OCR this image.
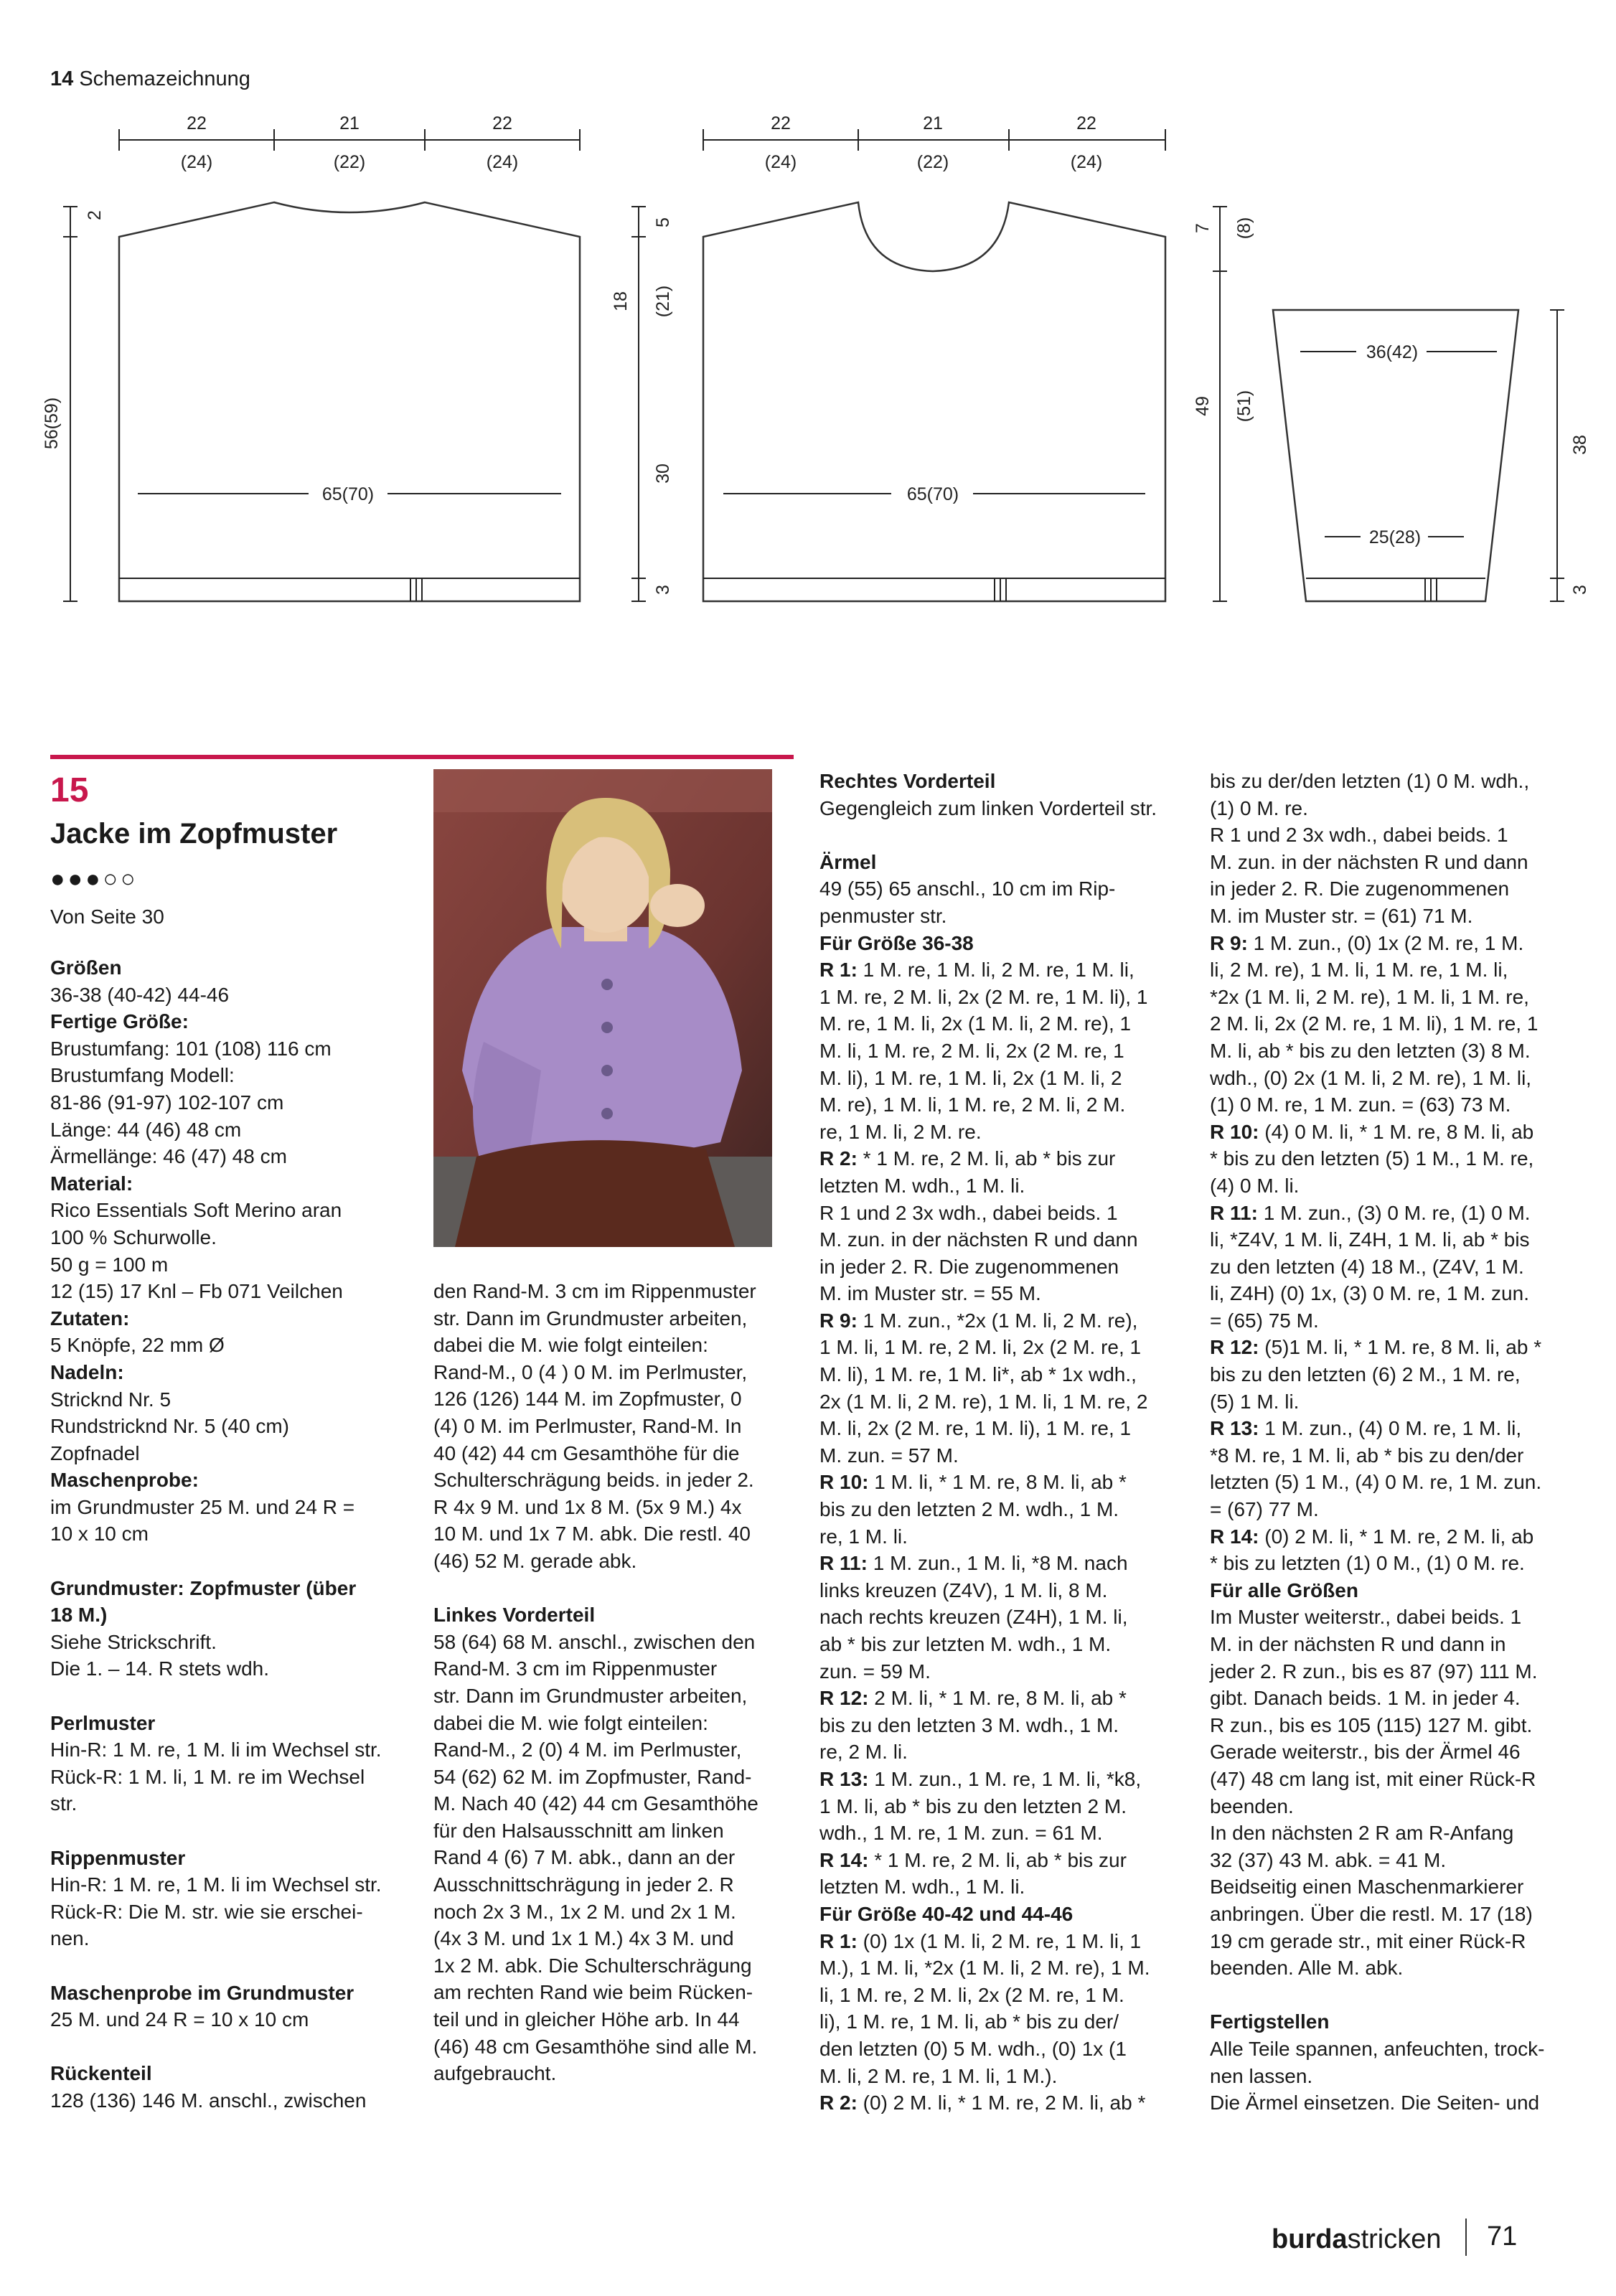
14 Schemazeichnung
22	21	22
(24)	(22)	(24)
65(70)
2
56(59)
18 (21)
5
30
3
22	21	22
(24)	(22)	(24)
65(70)
7 (8)
49 (51)
36(42)
25(28)
38
3
15
Jacke im Zopfmuster
●●●○○
Von Seite 30

Größen

36-38 (40-42) 44-46

Fertige Größe:

Brustumfang: 101 (108) 116 cm

Brustumfang Modell:

81-86 (91-97) 102-107 cm

Länge: 44 (46) 48 cm

Ärmellänge: 46 (47) 48 cm

Material:

Rico Essentials Soft Merino aran

100 % Schurwolle.

50 g = 100 m

12 (15) 17 Knl – Fb 071 Veilchen

Zutaten:

5 Knöpfe, 22 mm Ø

Nadeln:

Stricknd Nr. 5

Rundstricknd Nr. 5 (40 cm)

Zopfnadel

Maschenprobe:

im Grundmuster 25 M. und 24 R =

10 x 10 cm

Grundmuster: Zopfmuster (über

18 M.)

Siehe Strickschrift.

Die 1. – 14. R stets wdh.

Perlmuster

Hin-R: 1 M. re, 1 M. li im Wechsel str.

Rück-R: 1 M. li, 1 M. re im Wechsel

str.

Rippenmuster

Hin-R: 1 M. re, 1 M. li im Wechsel str.

Rück-R: Die M. str. wie sie erschei-

nen.

Maschenprobe im Grundmuster

25 M. und 24 R = 10 x 10 cm

Rückenteil

128 (136) 146 M. anschl., zwischen

den Rand-M. 3 cm im Rippenmuster

str. Dann im Grundmuster arbeiten,

dabei die M. wie folgt einteilen:

Rand-M., 0 (4 ) 0 M. im Perlmuster,

126 (126) 144 M. im Zopfmuster, 0

(4) 0 M. im Perlmuster, Rand-M. In

40 (42) 44 cm Gesamthöhe für die

Schulterschrägung beids. in jeder 2.

R 4x 9 M. und 1x 8 M. (5x 9 M.) 4x

10 M. und 1x 7 M. abk. Die restl. 40

(46) 52 M. gerade abk.

Linkes Vorderteil

58 (64) 68 M. anschl., zwischen den

Rand-M. 3 cm im Rippenmuster

str. Dann im Grundmuster arbeiten,

dabei die M. wie folgt einteilen:

Rand-M., 2 (0) 4 M. im Perlmuster,

54 (62) 62 M. im Zopfmuster, Rand-

M. Nach 40 (42) 44 cm Gesamthöhe

für den Halsausschnitt am linken

Rand 4 (6) 7 M. abk., dann an der

Ausschnittschrägung in jeder 2. R

noch 2x 3 M., 1x 2 M. und 2x 1 M.

(4x 3 M. und 1x 1 M.) 4x 3 M. und

1x 2 M. abk. Die Schulterschrägung

am rechten Rand wie beim Rücken-

teil und in gleicher Höhe arb. In 44

(46) 48 cm Gesamthöhe sind alle M.

aufgebraucht.

Rechtes Vorderteil

Gegengleich zum linken Vorderteil str.

Ärmel

49 (55) 65 anschl., 10 cm im Rip-

penmuster str.

Für Größe 36-38

R 1: 1 M. re, 1 M. li, 2 M. re, 1 M. li,

1 M. re, 2 M. li, 2x (2 M. re, 1 M. li), 1

M. re, 1 M. li, 2x (1 M. li, 2 M. re), 1

M. li, 1 M. re, 2 M. li, 2x (2 M. re, 1

M. li), 1 M. re, 1 M. li, 2x (1 M. li, 2

M. re), 1 M. li, 1 M. re, 2 M. li, 2 M.

re, 1 M. li, 2 M. re.

R 2: * 1 M. re, 2 M. li, ab * bis zur

letzten M. wdh., 1 M. li.

R 1 und 2 3x wdh., dabei beids. 1

M. zun. in der nächsten R und dann

in jeder 2. R. Die zugenommenen

M. im Muster str. = 55 M.

R 9: 1 M. zun., *2x (1 M. li, 2 M. re),

1 M. li, 1 M. re, 2 M. li, 2x (2 M. re, 1

M. li), 1 M. re, 1 M. li*, ab * 1x wdh.,

2x (1 M. li, 2 M. re), 1 M. li, 1 M. re, 2

M. li, 2x (2 M. re, 1 M. li), 1 M. re, 1

M. zun. = 57 M.

R 10: 1 M. li, * 1 M. re, 8 M. li, ab *

bis zu den letzten 2 M. wdh., 1 M.

re, 1 M. li.

R 11: 1 M. zun., 1 M. li, *8 M. nach

links kreuzen (Z4V), 1 M. li, 8 M.

nach rechts kreuzen (Z4H), 1 M. li,

ab * bis zur letzten M. wdh., 1 M.

zun. = 59 M.

R 12: 2 M. li, * 1 M. re, 8 M. li, ab *

bis zu den letzten 3 M. wdh., 1 M.

re, 2 M. li.

R 13: 1 M. zun., 1 M. re, 1 M. li, *k8,

1 M. li, ab * bis zu den letzten 2 M.

wdh., 1 M. re, 1 M. zun. = 61 M.

R 14: * 1 M. re, 2 M. li, ab * bis zur

letzten M. wdh., 1 M. li.

Für Größe 40-42 und 44-46

R 1: (0) 1x (1 M. li, 2 M. re, 1 M. li, 1

M.), 1 M. li, *2x (1 M. li, 2 M. re), 1 M.

li, 1 M. re, 2 M. li, 2x (2 M. re, 1 M.

li), 1 M. re, 1 M. li, ab * bis zu der/

den letzten (0) 5 M. wdh., (0) 1x (1

M. li, 2 M. re, 1 M. li, 1 M.).

R 2: (0) 2 M. li, * 1 M. re, 2 M. li, ab *

bis zu der/den letzten (1) 0 M. wdh.,

(1) 0 M. re.

R 1 und 2 3x wdh., dabei beids. 1

M. zun. in der nächsten R und dann

in jeder 2. R. Die zugenommenen

M. im Muster str. = (61) 71 M.

R 9: 1 M. zun., (0) 1x (2 M. re, 1 M.

li, 2 M. re), 1 M. li, 1 M. re, 1 M. li,

*2x (1 M. li, 2 M. re), 1 M. li, 1 M. re,

2 M. li, 2x (2 M. re, 1 M. li), 1 M. re, 1

M. li, ab * bis zu den letzten (3) 8 M.

wdh., (0) 2x (1 M. li, 2 M. re), 1 M. li,

(1) 0 M. re, 1 M. zun. = (63) 73 M.

R 10: (4) 0 M. li, * 1 M. re, 8 M. li, ab

* bis zu den letzten (5) 1 M., 1 M. re,

(4) 0 M. li.

R 11: 1 M. zun., (3) 0 M. re, (1) 0 M.

li, *Z4V, 1 M. li, Z4H, 1 M. li, ab * bis

zu den letzten (4) 18 M., (Z4V, 1 M.

li, Z4H) (0) 1x, (3) 0 M. re, 1 M. zun.

= (65) 75 M.

R 12: (5)1 M. li, * 1 M. re, 8 M. li, ab *

bis zu den letzten (6) 2 M., 1 M. re,

(5) 1 M. li.

R 13: 1 M. zun., (4) 0 M. re, 1 M. li,

*8 M. re, 1 M. li, ab * bis zu den/der

letzten (5) 1 M., (4) 0 M. re, 1 M. zun.

= (67) 77 M.

R 14: (0) 2 M. li, * 1 M. re, 2 M. li, ab

* bis zu letzten (1) 0 M., (1) 0 M. re.

Für alle Größen

Im Muster weiterstr., dabei beids. 1

M. in der nächsten R und dann in

jeder 2. R zun., bis es 87 (97) 111 M.

gibt. Danach beids. 1 M. in jeder 4.

R zun., bis es 105 (115) 127 M. gibt.

Gerade weiterstr., bis der Ärmel 46

(47) 48 cm lang ist, mit einer Rück-R

beenden.

In den nächsten 2 R am R-Anfang

32 (37) 43 M. abk. = 41 M.

Beidseitig einen Maschenmarkierer

anbringen. Über die restl. M. 17 (18)

19 cm gerade str., mit einer Rück-R

beenden. Alle M. abk.

Fertigstellen

Alle Teile spannen, anfeuchten, trock-

nen lassen.

Die Ärmel einsetzen. Die Seiten- und

burdastricken 71
